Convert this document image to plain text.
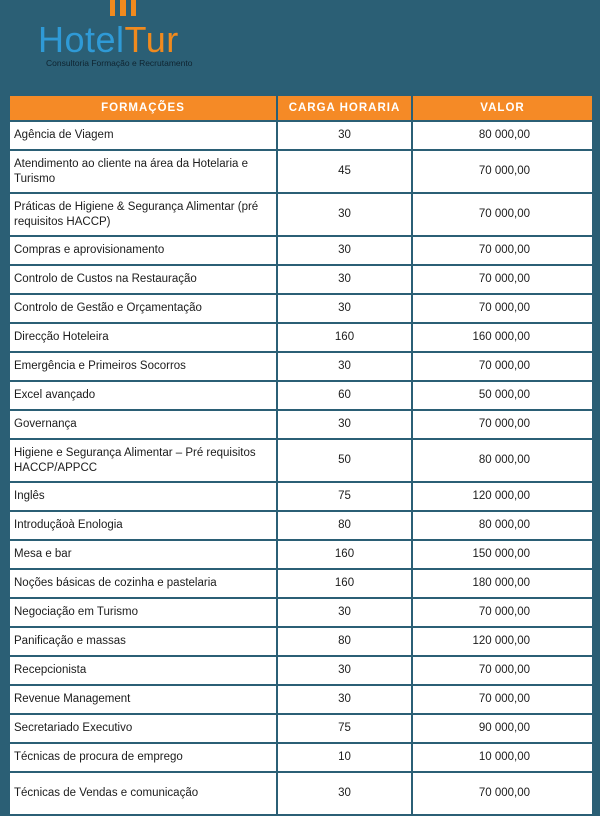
HotelTur
Consultoria Formação e Recrutamento
FORMAÇÕES	CARGA HORARIA	VALOR
Agência de Viagem	30	80 000,00
Atendimento ao cliente na área da Hotelaria e Turismo	45	70 000,00
Práticas de Higiene & Segurança Alimentar (pré requisitos HACCP)	30	70 000,00
Compras e aprovisionamento	30	70 000,00
Controlo de Custos na Restauração	30	70 000,00
Controlo de Gestão e Orçamentação	30	70 000,00
Direcção Hoteleira	160	160 000,00
Emergência e Primeiros Socorros	30	70 000,00
Excel avançado	60	50 000,00
Governança	30	70 000,00
Higiene e Segurança Alimentar – Pré requisitos HACCP/APPCC	50	80 000,00
Inglês	75	120 000,00
Introduçãoà Enologia	80	80 000,00
Mesa e bar	160	150 000,00
Noções básicas de cozinha e pastelaria	160	180 000,00
Negociação em Turismo	30	70 000,00
Panificação e massas	80	120 000,00
Recepcionista	30	70 000,00
Revenue Management	30	70 000,00
Secretariado Executivo	75	90 000,00
Técnicas de procura de emprego	10	10 000,00
Técnicas de Vendas e comunicação	30	70 000,00
